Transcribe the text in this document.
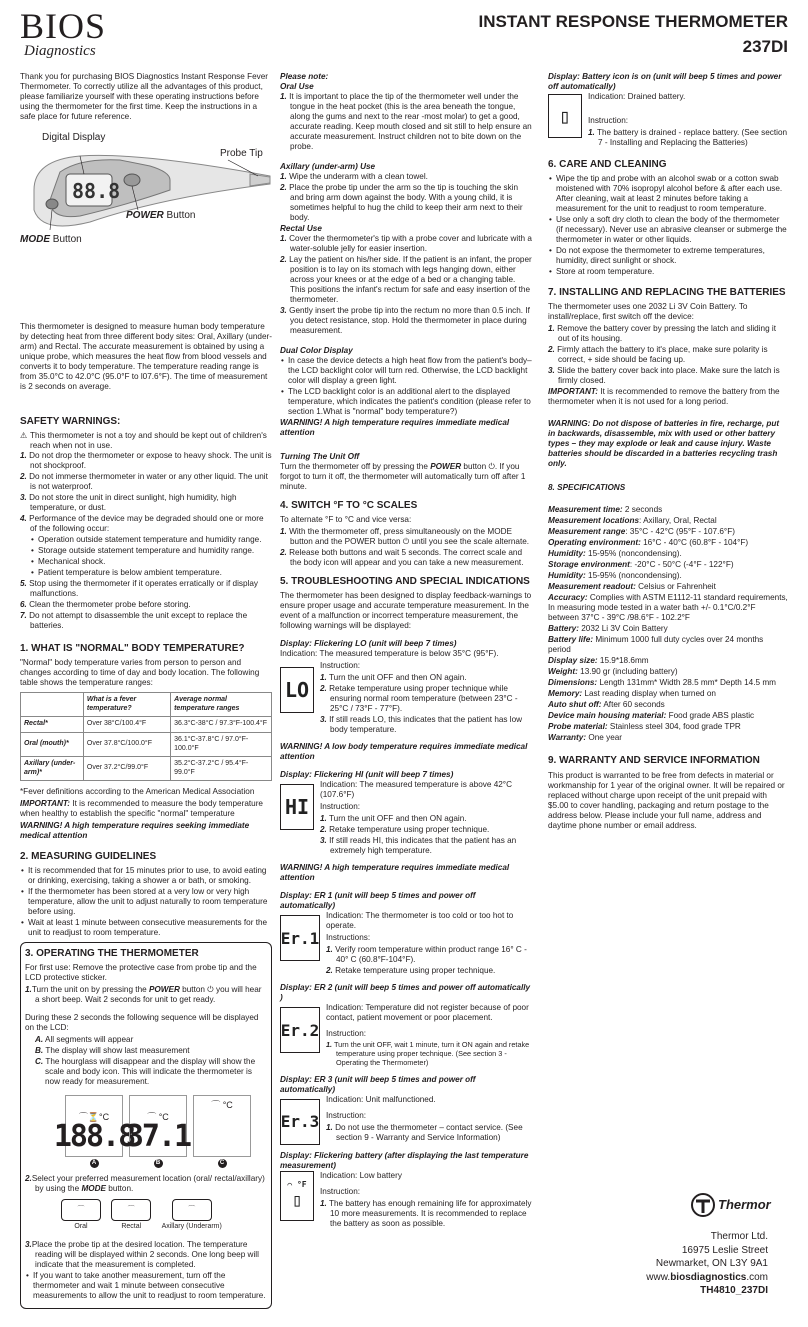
BIOS
Diagnostics
INSTANT RESPONSE THERMOMETER
237DI

Thank you for purchasing BIOS Diagnostics Instant Response Fever Thermometer. To correctly utilize all the advantages of this product, please familiarize yourself with these operating instructions before using the thermometer for the first time. Keep the instructions in a safe place for future reference.

88.8
Digital Display
Probe Tip
POWER Button
MODE Button

This thermometer is designed to measure human body temperature by detecting heat from three different body sites: Oral, Axillary (under-arm) and Rectal. The accurate measurement is obtained by using a unique probe, which measures the heat flow from blood vessels and converts it to body temperature. The temperature reading range is from 35.0°C to 42.0°C (95.0°F to l07.6°F). The time of measurement is 2 seconds on average.

SAFETY WARNINGS:
⚠ This thermometer is not a toy and should be kept out of children's reach when not in use.
1. Do not drop the thermometer or expose to heavy shock. The unit is not shockproof.
2. Do not immerse thermometer in water or any other liquid. The unit is not waterproof.
3. Do not store the unit in direct sunlight, high humidity, high temperature, or dust.
4. Performance of the device may be degraded should one or more of the following occur:
• Operation outside statement temperature and humidity range.
• Storage outside statement temperature and humidity range.
• Mechanical shock.
• Patient temperature is below ambient temperature.
5. Stop using the thermometer if it operates erratically or if display malfunctions.
6. Clean the thermometer probe before storing.
7. Do not attempt to disassemble the unit except to replace the batteries.
1. WHAT IS "NORMAL" BODY TEMPERATURE?

"Normal" body temperature varies from person to person and changes according to time of day and body location. The following table shows the temperature ranges:

	What is a fever temperature?	Average normal temperature ranges
Rectal*	Over 38°C/100.4°F	36.3°C-38°C / 97.3°F-100.4°F
Oral (mouth)*	Over 37.8°C/100.0°F	36.1°C-37.8°C / 97.0°F-100.0°F
Axillary (under-arm)*	Over 37.2°C/99.0°F	35.2°C-37.2°C / 95.4°F-99.0°F

*Fever definitions according to the American Medical Association

IMPORTANT: It is recommended to measure the body temperature when healthy to establish the specific "normal" temperature

WARNING! A high temperature requires seeking immediate medical attention

2. MEASURING GUIDELINES
• It is recommended that for 15 minutes prior to use, to avoid eating or drinking, exercising, taking a shower a or bath, or smoking.
• If the thermometer has been stored at a very low or very high temperature, allow the unit to adjust naturally to room temperature before using.
• Wait at least 1 minute between consecutive measurements for the unit to readjust to room temperature.
3. OPERATING THE THERMOMETER

For first use: Remove the protective case from probe tip and the LCD protective sticker.

1.Turn the unit on by pressing the POWER button ⏻ you will hear a short beep. Wait 2 seconds for unit to get ready.

During these 2 seconds the following sequence will be displayed on the LCD:

A. All segments will appear
B. The display will show last measurement
C. The hourglass will disappear and the display will show the scale and body icon. This will indicate the thermometer is now ready for measurement.
⌒⏳°C
188.8
A
⌒ °C
37.1
B
⌒ °C
C
2.Select your preferred measurement location (oral/ rectal/axillary) by using the MODE button.
⌒
Oral

⌒
Rectal

⌒
Axillary (Underarm)
3.Place the probe tip at the desired location. The temperature reading will be displayed within 2 seconds. One long beep will indicate that the measurement is completed.
• If you want to take another measurement, turn off the thermometer and wait 1 minute between consecutive measurements to allow the unit to readjust to room temperature.
Please note:
Oral Use
1. It is important to place the tip of the thermometer well under the tongue in the heat pocket (this is the area beneath the tongue, along the gums and next to the rear -most molar) to get a good, accurate reading. Keep mouth closed and sit still to help ensure an accurate measurement. Instruct children not to bite down on the probe.
Axillary (under-arm) Use
1. Wipe the underarm with a clean towel.
2. Place the probe tip under the arm so the tip is touching the skin and bring arm down against the body. With a young child, it is sometimes helpful to hug the child to keep their arm next to their body.
Rectal Use
1. Cover the thermometer's tip with a probe cover and lubricate with a water-soluble jelly for easier insertion.
2. Lay the patient on his/her side. If the patient is an infant, the proper position is to lay on its stomach with legs hanging down, either across your knees or at the edge of a bed or a changing table. This positions the infant's rectum for safe and easy insertion of the thermometer.
3. Gently insert the probe tip into the rectum no more than 0.5 inch. If you detect resistance, stop. Hold the thermometer in place during measurement.
Dual Color Display
• In case the device detects a high heat flow from the patient's body– the LCD backlight color will turn red. Otherwise, the LCD backlight color will display a green light.
• The LCD backlight color is an additional alert to the displayed temperature, which indicates the patient's condition (please refer to section 1.What is "normal" body temperature?)

WARNING! A high temperature requires immediate medical attention

Turning The Unit Off

Turn the thermometer off by pressing the POWER button ⏻. If you forgot to turn it off, the thermometer will automatically turn off after 1 minute.

4. SWITCH °F TO °C SCALES

To alternate °F to °C and vice versa:

1. With the thermometer off, press simultaneously on the MODE button and the POWER button ⏻ until you see the scale alternate.
2. Release both buttons and wait 5 seconds. The correct scale and the body icon will appear and you can take a new measurement.
5. TROUBLESHOOTING AND SPECIAL INDICATIONS

The thermometer has been designed to display feedback-warnings to ensure proper usage and accurate temperature measurement. In the event of a malfunction or incorrect temperature measurement, the following warnings will be displayed:

Display: Flickering LO (unit will beep 7 times)

Indication: The measured temperature is below 35°C (95°F).

LO

Instruction:

1. Turn the unit OFF and then ON again.
2. Retake temperature using proper technique while ensuring normal room temperature (between 23°C - 25°C / 73°F - 77°F).
3. If still reads LO, this indicates that the patient has low body temperature.

WARNING! A low body temperature requires immediate medical attention

Display: Flickering HI (unit will beep 7 times)
HI

Indication: The measured temperature is above 42°C (107.6°F)

Instruction:

1. Turn the unit OFF and then ON again.
2. Retake temperature using proper technique.
3. If still reads HI, this indicates that the patient has an extremely high temperature.

WARNING! A high temperature requires immediate medical attention

Display: ER 1 (unit will beep 5 times and power off automatically)
Er.1

Indication: The thermometer is too cold or too hot to operate.

Instructions:

1. Verify room temperature within product range 16° C - 40° C (60.8°F-104°F).
2. Retake temperature using proper technique.
Display: ER 2 (unit will beep 5 times and power off automatically )
Er.2

Indication: Temperature did not register because of poor contact, patient movement or poor placement.

Instruction:

1. Turn the unit OFF, wait 1 minute, turn it ON again and retake temperature using proper technique. (See section 3 - Operating the Thermometer)
Display: ER 3 (unit will beep 5 times and power off automatically)
Er.3

Indication: Unit malfunctioned.

Instruction:

1. Do not use the thermometer – contact service. (See section 9 - Warranty and Service Information)
Display: Flickering battery (after displaying the last temperature measurement)
⌒ °F
▯

Indication: Low battery

Instruction:

1. The battery has enough remaining life for approximately 10 more measurements. It is recommended to replace the battery as soon as possible.
Display: Battery icon is on (unit will beep 5 times and power off automatically)
▯

Indication: Drained battery.

Instruction:

1. The battery is drained - replace battery. (See section 7 - Installing and Replacing the Batteries)
6. CARE AND CLEANING
• Wipe the tip and probe with an alcohol swab or a cotton swab moistened with 70% isopropyl alcohol before & after each use. After cleaning, wait at least 2 minutes before taking a measurement for the unit to readjust to room temperature.
• Use only a soft dry cloth to clean the body of the thermometer (if necessary). Never use an abrasive cleanser or submerge the thermometer in water or other liquids.
• Do not expose the thermometer to extreme temperatures, humidity, direct sunlight or shock.
• Store at room temperature.
7. INSTALLING AND REPLACING THE BATTERIES

The thermometer uses one 2032 Li 3V Coin Battery. To install/replace, first switch off the device:

1. Remove the battery cover by pressing the latch and sliding it out of its housing.
2. Firmly attach the battery to it's place, make sure polarity is correct, + side should be facing up.
3. Slide the battery cover back into place. Make sure the latch is firmly closed.

IMPORTANT: It is recommended to remove the battery from the thermometer when it is not used for a long period.

WARNING: Do not dispose of batteries in fire, recharge, put in backwards, disassemble, mix with used or other battery types – they may explode or leak and cause injury. Waste batteries should be discarded in a batteries recycling trash only.

8. SPECIFICATIONS

Measurement time: 2 seconds

Measurement locations: Axillary, Oral, Rectal

Measurement range: 35°C - 42°C (95°F - 107.6°F)

Operating environment: 16°C - 40°C (60.8°F - 104°F)

Humidity: 15-95% (noncondensing).

Storage environment: -20°C - 50°C (-4°F - 122°F)

Humidity: 15-95% (noncondensing).

Measurement readout: Celsius or Fahrenheit

Accuracy: Complies with ASTM E1112-11 standard requirements, In measuring mode tested in a water bath +/- 0.1°C/0.2°F between 37°C - 39°C /98.6°F - 102.2°F

Battery: 2032 Li 3V Coin Battery

Battery life: Minimum 1000 full duty cycles over 24 months period

Display size: 15.9*18.6mm

Weight: 13.90 gr (including battery)

Dimensions: Length 131mm* Width 28.5 mm* Depth 14.5 mm

Memory: Last reading display when turned on

Auto shut off: After 60 seconds

Device main housing material: Food grade ABS plastic

Probe material: Stainless steel 304, food grade TPR

Warranty: One year

9. WARRANTY AND SERVICE INFORMATION

This product is warranted to be free from defects in material or workmanship for 1 year of the original owner. It will be repaired or replaced without charge upon receipt of the unit prepaid with $5.00 to cover handling, packaging and return postage to the address below. Please include your full name, address and daytime phone number or email address.

Thermor
Thermor Ltd.
16975 Leslie Street
Newmarket, ON L3Y 9A1
www.biosdiagnostics.com
TH4810_237DI
